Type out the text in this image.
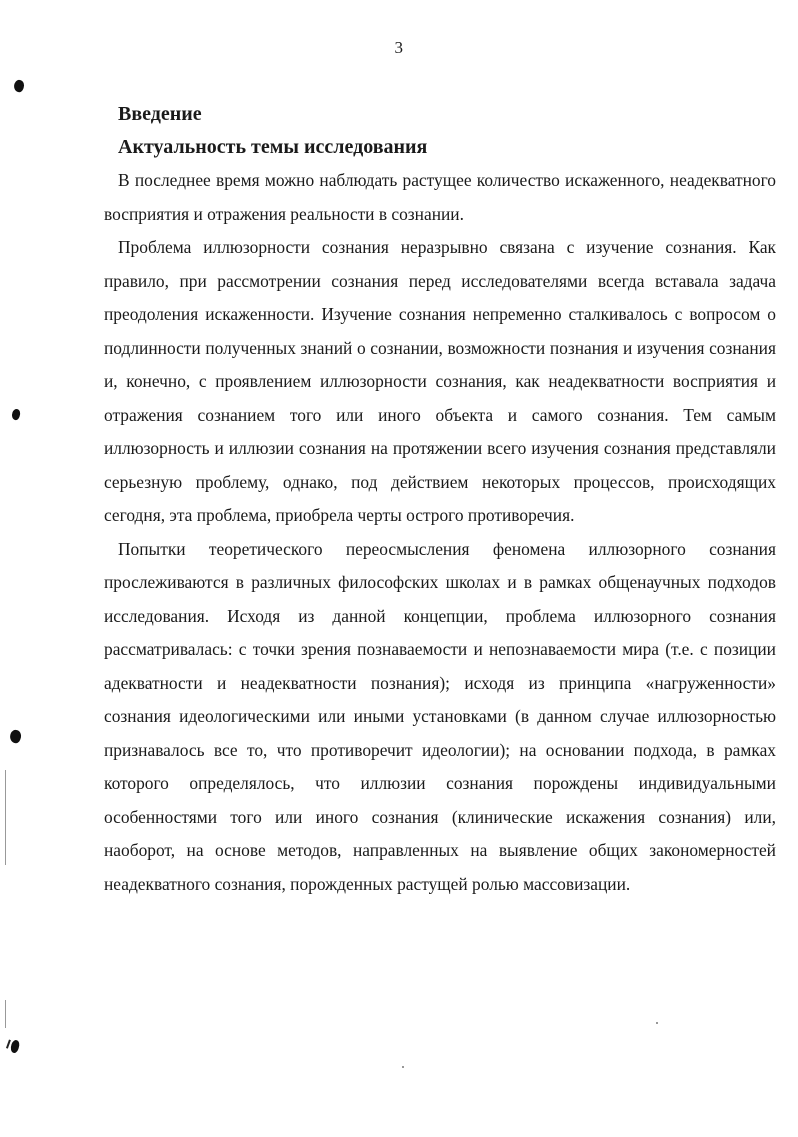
3
Введение
Актуальность темы исследования

В последнее время можно наблюдать растущее количество искаженного, неадекватного восприятия и отражения реальности в сознании.

Проблема иллюзорности сознания неразрывно связана с изучение сознания. Как правило, при рассмотрении сознания перед исследователями всегда вставала задача преодоления искаженности. Изучение сознания непременно сталкивалось с вопросом о подлинности полученных знаний о сознании, возможности познания и изучения сознания и, конечно, с проявлением иллюзорности сознания, как неадекватности восприятия и отражения сознанием того или иного объекта и самого сознания. Тем самым иллюзорность и иллюзии сознания на протяжении всего изучения сознания представляли серьезную проблему, однако, под действием некоторых процессов, происходящих сегодня, эта проблема, приобрела черты острого противоречия.

Попытки теоретического переосмысления феномена иллюзорного сознания прослеживаются в различных философских школах и в рамках общенаучных подходов исследования. Исходя из данной концепции, проблема иллюзорного сознания рассматривалась: с точки зрения познаваемости и непознаваемости мира (т.е. с позиции адекватности и неадекватности познания); исходя из принципа «нагруженности» сознания идеологическими или иными установками (в данном случае иллюзорностью признавалось все то, что противоречит идеологии); на основании подхода, в рамках которого определялось, что иллюзии сознания порождены индивидуальными особенностями того или иного сознания (клинические искажения сознания) или, наоборот, на основе методов, направленных на выявление общих закономерностей неадекватного сознания, порожденных растущей ролью массовизации.
